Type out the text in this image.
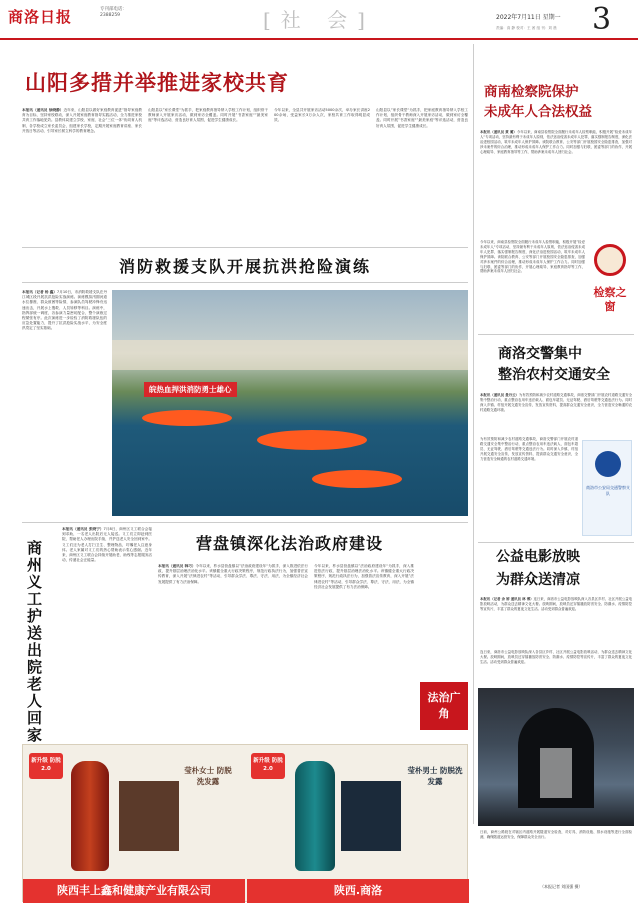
商洛日报	专刊部电话：
2388259	[社 会]	2022年7月11日 星期一
责编：高 静 校对：王 茜 组 刊：刘 晨 3
山阳多措并举推进家校共育
本报讯（通讯员 徐晓静）近年来，山阳县以做好家庭教育促进”指导家庭教育为目标，坚持家校联动，深入开展家庭教育指导实践活动，全力推进家校共育工作落地见效。县教体局建立学校、家庭、社会”三位一体“协同育人机制，各学校成立家长委员会，组建家长学校，定期开展家庭教育讲座、家长开放日等活动，引导家长树立科学的教育理念。
山阳县以”家长课堂“为抓手，把家庭教育指导纳入学校工作计划，组织骨干教师深入开展家访活动，做到家访全覆盖。同时开展”书香家庭“”最美家庭“等评选活动，营造良好育人氛围，促进学生健康成长。
今年以来，全县共开展家访活动5000余次，举办家长讲座200余场，受益家长3万余人次，家校共育工作取得明显成效。
山阳县以”家长课堂“为抓手，把家庭教育指导纳入学校工作计划，组织骨干教师深入开展家访活动，做到家访全覆盖。同时开展”书香家庭“”最美家庭“等评选活动，营造良好育人氛围，促进学生健康成长。
商南检察院保护
未成年人合法权益
本报讯（通讯员 黄 蔺）今年以来，商南县检察院全面履行未成年人检察职能，积极开展”检爱未成年人“专项活动，坚持最有利于未成年人原则，依法惩治侵害未成年人犯罪，落实强制报告制度，深化法治进校园活动，筑牢未成年人保护屏障。该院联合教育、公安等部门开展校园安全隐患排查，加强对涉未案件的综合治理，推动形成未成年人保护工作合力。同时加强与妇联、团委等部门的协作，开展心理疏导、家庭教育指导等工作，帮助涉案未成年人回归社会。
今年以来，商南县检察院全面履行未成年人检察职能，积极开展”检爱未成年人“专项活动，坚持最有利于未成年人原则，依法惩治侵害未成年人犯罪，落实强制报告制度，深化法治进校园活动，筑牢未成年人保护屏障。该院联合教育、公安等部门开展校园安全隐患排查，加强对涉未案件的综合治理，推动形成未成年人保护工作合力。同时加强与妇联、团委等部门的协作，开展心理疏导、家庭教育指导等工作，帮助涉案未成年人回归社会。
检察之窗
商洛交警集中
整治农村交通安全
本报讯（通讯员 聂丹云）为有效预防和减少农村道路交通事故，商洛交警部门开展农村道路交通安全集中整治行动，重点整治农用车违法载人、面包车超员、无证驾驶、酒后驾驶等交通违法行为。同时深入乡镇、村组开展交通安全宣传，发放宣传资料，提高群众交通安全意识，全力营造安全畅通的农村道路交通环境。
为有效预防和减少农村道路交通事故，商洛交警部门开展农村道路交通安全集中整治行动，重点整治农用车违法载人、面包车超员、无证驾驶、酒后驾驶等交通违法行为。同时深入乡镇、村组开展交通安全宣传，发放宣传资料，提高群众交通安全意识，全力营造安全畅通的农村道路交通环境。
商洛市公安局交通警察支队
公益电影放映
为群众送清凉
本报讯（记者 余 婷 通讯员 林 博）连日来，商洛市公益电影放映队深入各县区乡村、社区开展公益电影放映活动，为群众送去精神文化大餐。放映期间，放映员还穿插播放防汛安全、防溺水、疫情防控等宣传片，丰富了群众的夏夜文化生活。活动受到群众普遍欢迎。
连日来，商洛市公益电影放映队深入各县区乡村、社区开展公益电影放映活动，为群众送去精神文化大餐。放映期间，放映员还穿插播放防汛安全、防溺水、疫情防控等宣传片，丰富了群众的夏夜文化生活。活动受到群众普遍欢迎。
消防救援支队开展抗洪抢险演练
本报讯（记者 杨 鑫）7月10日，市消防救援支队在丹江城区段开展抗洪抢险实战演练。演练模拟汛期河道水位暴涨、群众被困等险情，参演队员驾驶冲锋舟迅速出击，开展水上搜救、人员转移等科目。演练中，指挥部统一调度，各参演力量密切配合，整个演练过程紧张有序。此次演练进一步检验了消防救援队伍的应急处置能力，提升了抗洪抢险实战水平，为安全度汛奠定了坚实基础。
皖热血捍洪消防勇士雄心
商州义工护送出院老人回家
本报讯（通讯员 张晓宁）7月8日，商州区义工联合会接到求助，一名老人出院后无人接送。义工们立即赶到医院，帮助老人办理出院手续，并护送老人安全回到家中。义工们还为老人打扫卫生、整理物品，叮嘱老人注意身体。老人家属对义工们的热心帮助表示衷心感谢。近年来，商州区义工联合会持续开展助老、助残等志愿服务活动，传递社会正能量。
营盘镇深化法治政府建设
本报讯（通讯员 韩巧）今年以来，柞水县营盘镇以”法治政府建设年“为抓手，深入推进依法行政，提升基层治理法治化水平。该镇健全重大行政决策程序，规范行政执法行为，加强普法宣传教育，深入开展”法律进农村“等活动，引导群众学法、尊法、守法、用法，为全镇经济社会发展提供了有力法治保障。
今年以来，柞水县营盘镇以”法治政府建设年“为抓手，深入推进依法行政，提升基层治理法治化水平。该镇健全重大行政决策程序，规范行政执法行为，加强普法宣传教育，深入开展”法律进农村“等活动，引导群众学法、尊法、守法、用法，为全镇经济社会发展提供了有力法治保障。
法治广角
新升级 防脱2.0	莹朴女士 防脱洗发露
新升级 防脱2.0	莹朴男士 防脱洗发露
陕西丰上鑫和健康产业有限公司	陕西.商洛
日前，商州公路段在对辖区内道路开展隧道安全检查，对灯具、消防设施、排水设施等进行全面检测，确保隧道运营安全，保障群众安全出行。
（本报记者 刘国强 摄）
